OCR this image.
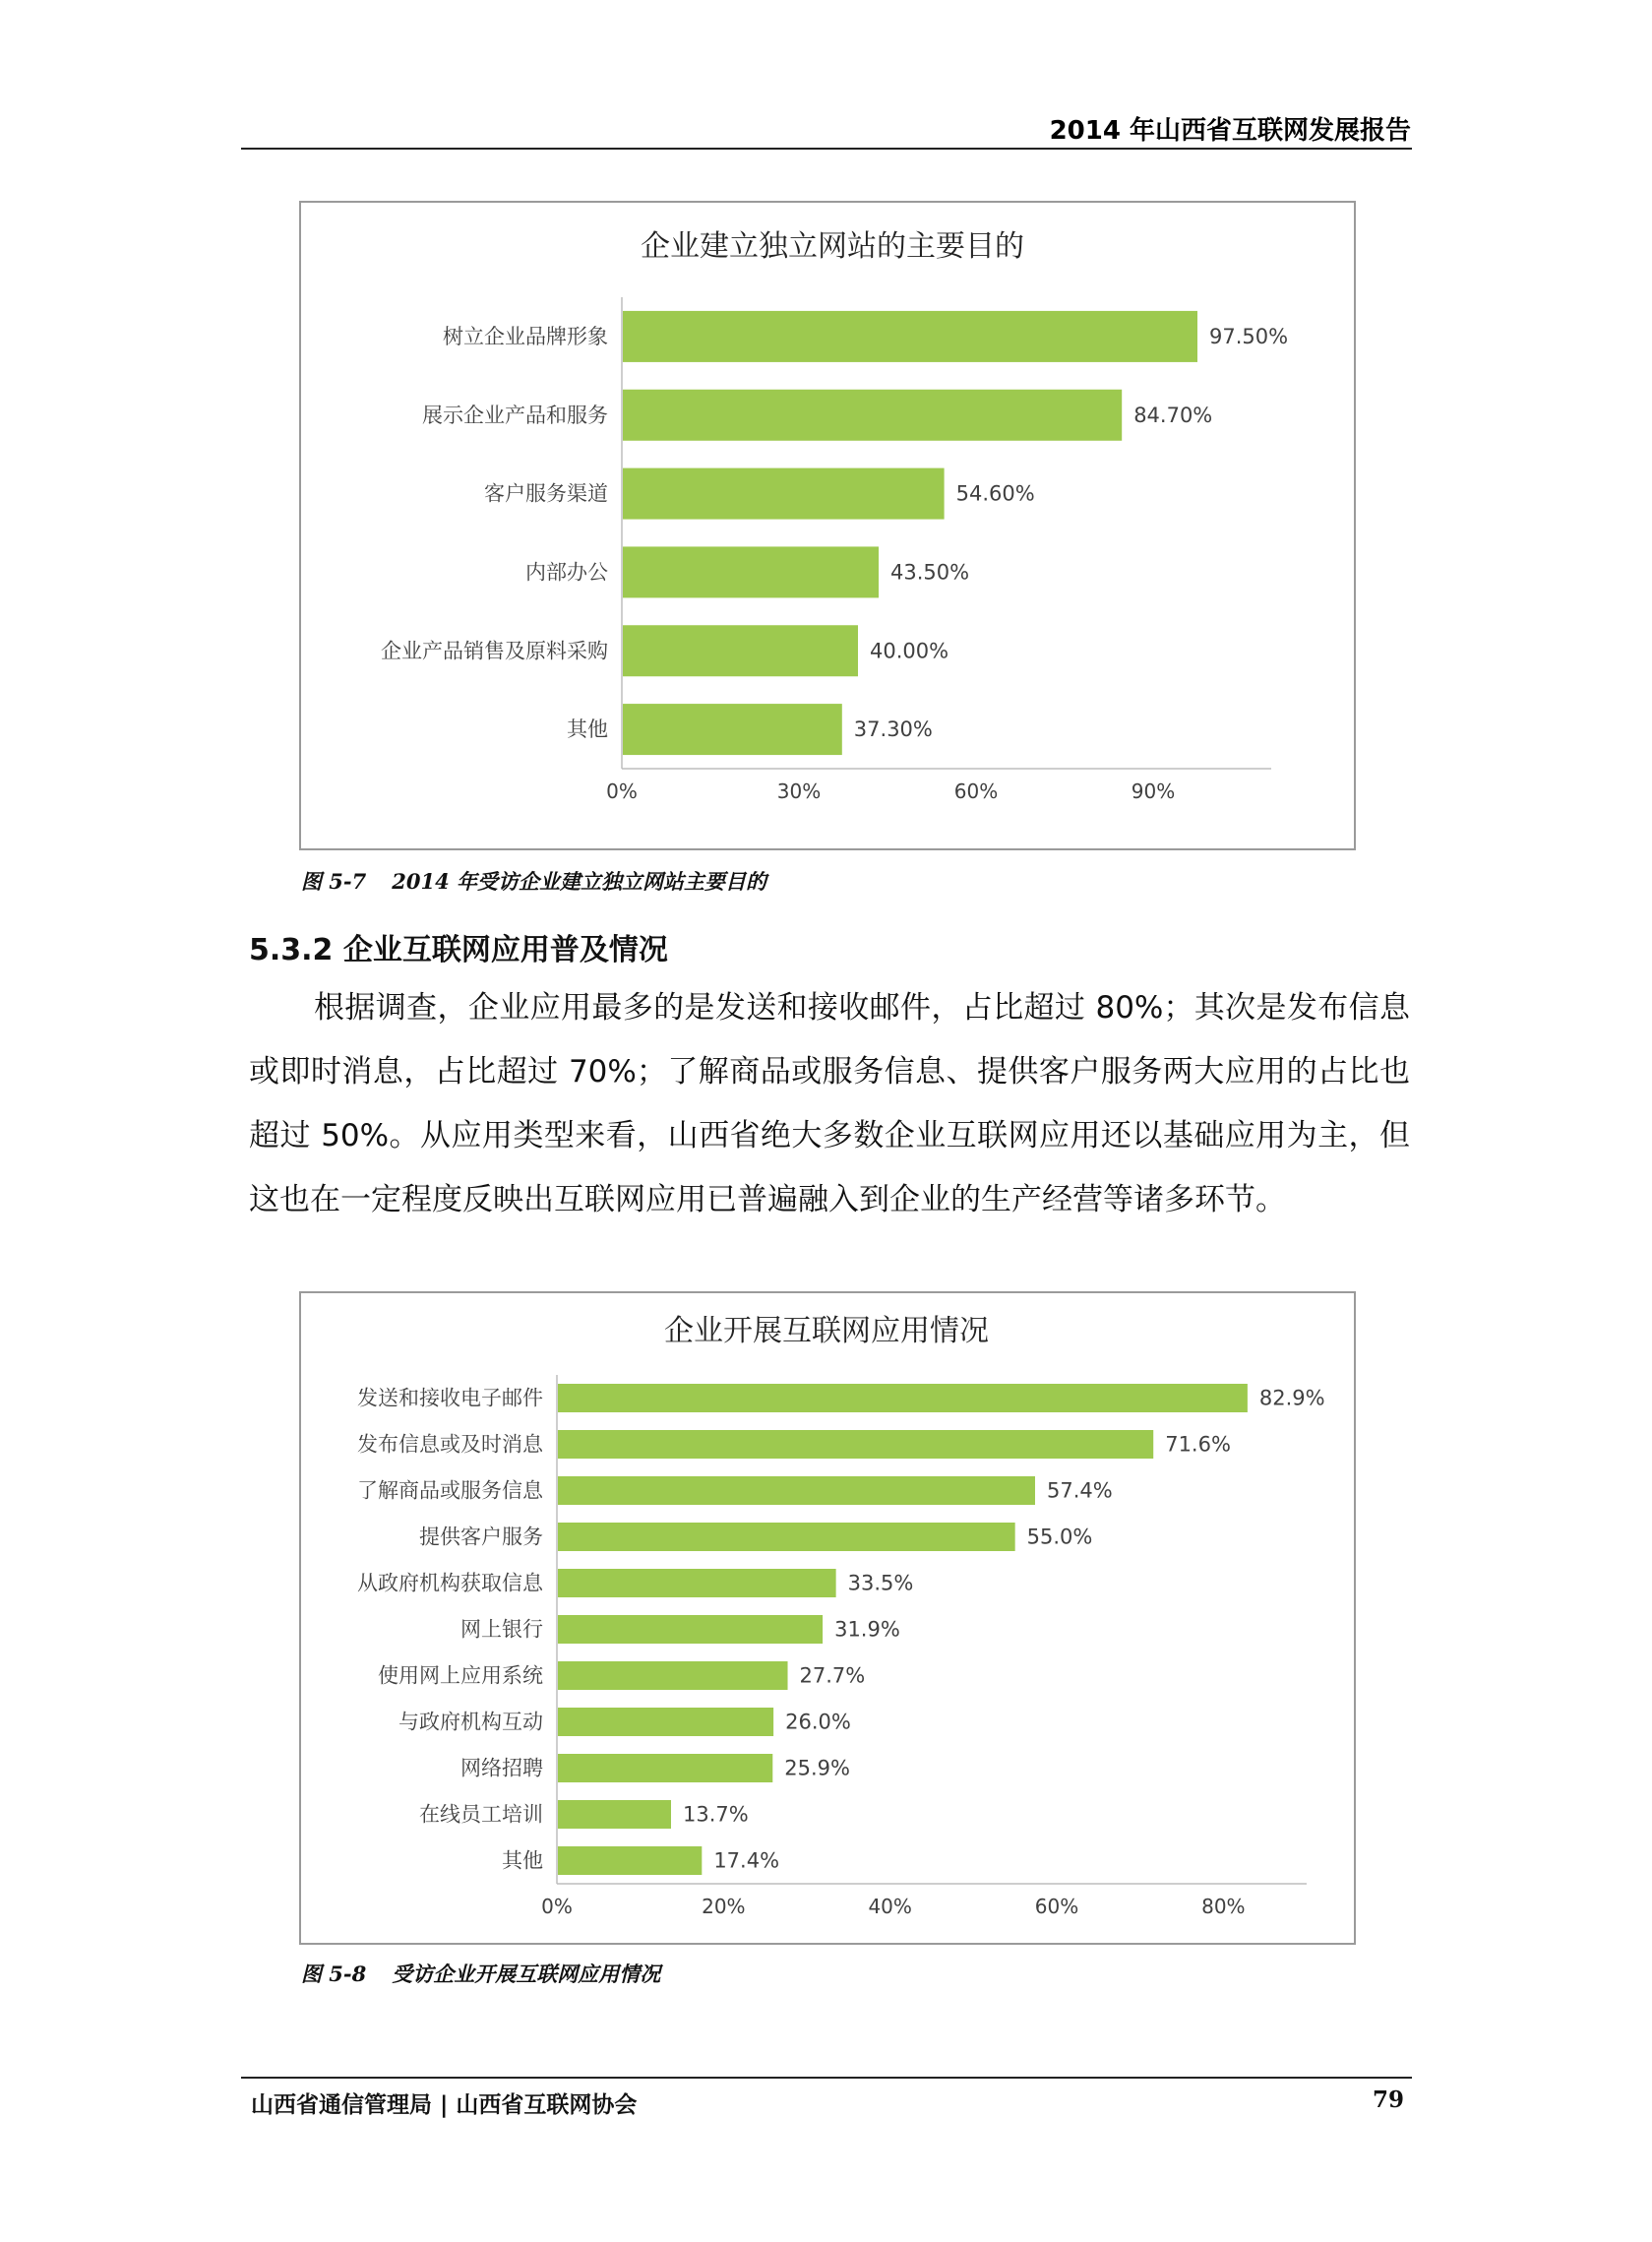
2014 年山西省互联网发展报告
企业建立独立网站的主要目的
树立企业品牌形象	97.50%
展示企业产品和服务	84.70%
客户服务渠道	54.60%
内部办公	43.50%
企业产品销售及原料采购	40.00%
其他	37.30%
0%	30%	60%	90%
图 5-7 2014 年受访企业建立独立网站主要目的
5.3.2 企业互联网应用普及情况

根据调查，企业应用最多的是发送和接收邮件，占比超过 80%；其次是发布信息或即时消息，占比超过 70%；了解商品或服务信息、提供客户服务两大应用的占比也超过 50%。从应用类型来看，山西省绝大多数企业互联网应用还以基础应用为主，但这也在一定程度反映出互联网应用已普遍融入到企业的生产经营等诸多环节。

企业开展互联网应用情况
发送和接收电子邮件	82.9%
发布信息或及时消息	71.6%
了解商品或服务信息	57.4%
提供客户服务	55.0%
从政府机构获取信息	33.5%
网上银行	31.9%
使用网上应用系统	27.7%
与政府机构互动	26.0%
网络招聘	25.9%
在线员工培训	13.7%
其他	17.4%
0%	20%	40%	60%	80%
图 5-8 受访企业开展互联网应用情况
山西省通信管理局 | 山西省互联网协会	79
